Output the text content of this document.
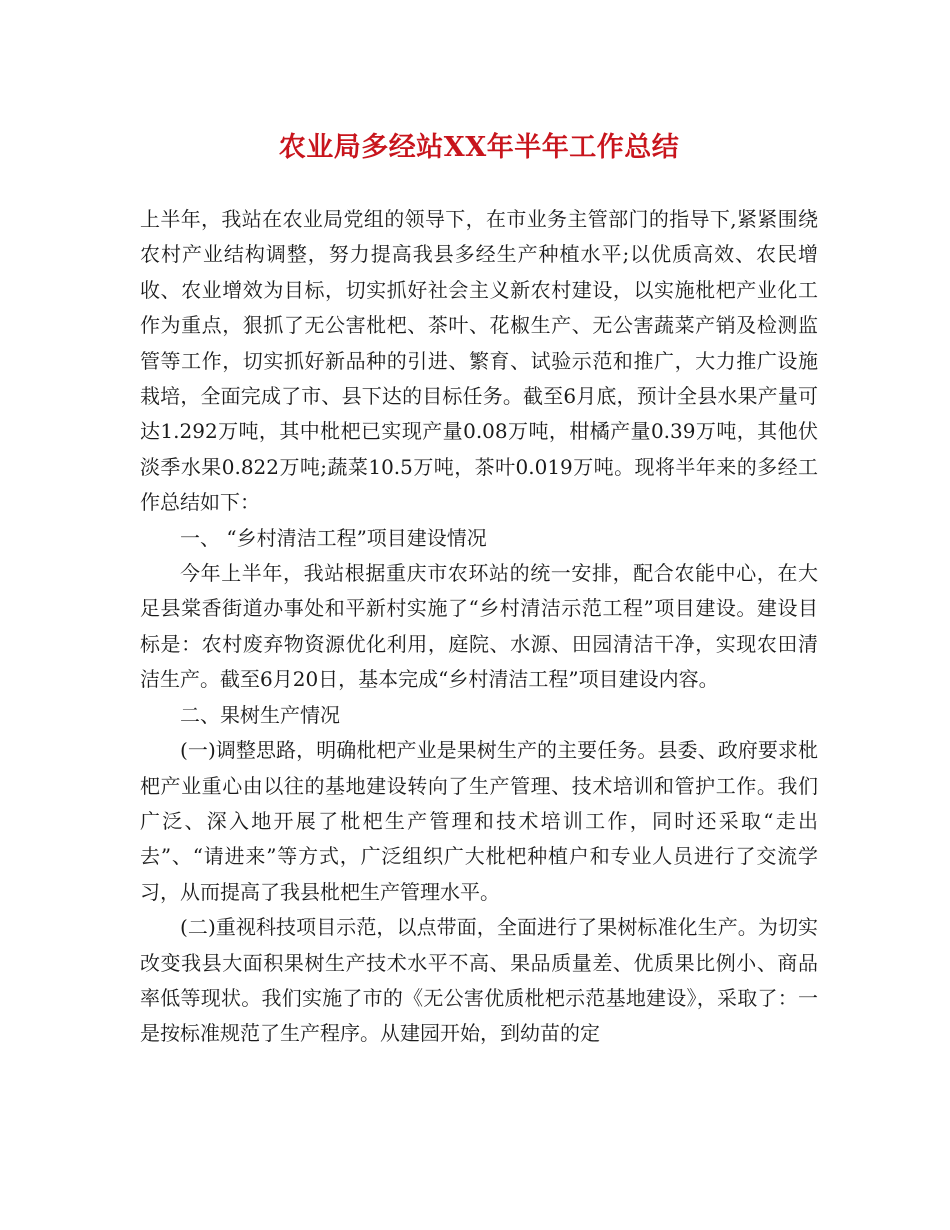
农业局多经站XX年半年工作总结

上半年，我站在农业局党组的领导下，在市业务主管部门的指导下,紧紧围绕农村产业结构调整，努力提高我县多经生产种植水平;以优质高效、农民增收、农业增效为目标，切实抓好社会主义新农村建设，以实施枇杷产业化工作为重点，狠抓了无公害枇杷、茶叶、花椒生产、无公害蔬菜产销及检测监管等工作，切实抓好新品种的引进、繁育、试验示范和推广，大力推广设施栽培，全面完成了市、县下达的目标任务。截至6月底，预计全县水果产量可达1.292万吨，其中枇杷已实现产量0.08万吨，柑橘产量0.39万吨，其他伏淡季水果0.822万吨;蔬菜10.5万吨，茶叶0.019万吨。现将半年来的多经工作总结如下：

一、 “乡村清洁工程”项目建设情况

今年上半年，我站根据重庆市农环站的统一安排，配合农能中心，在大足县棠香街道办事处和平新村实施了“乡村清洁示范工程”项目建设。建设目标是：农村废弃物资源优化利用，庭院、水源、田园清洁干净，实现农田清洁生产。截至6月20日，基本完成“乡村清洁工程”项目建设内容。

二、果树生产情况

(一)调整思路，明确枇杷产业是果树生产的主要任务。县委、政府要求枇杷产业重心由以往的基地建设转向了生产管理、技术培训和管护工作。我们广泛、深入地开展了枇杷生产管理和技术培训工作，同时还采取“走出去”、“请进来”等方式，广泛组织广大枇杷种植户和专业人员进行了交流学习，从而提高了我县枇杷生产管理水平。

(二)重视科技项目示范，以点带面，全面进行了果树标准化生产。为切实改变我县大面积果树生产技术水平不高、果品质量差、优质果比例小、商品率低等现状。我们实施了市的《无公害优质枇杷示范基地建设》，采取了：一是按标准规范了生产程序。从建园开始，到幼苗的定
